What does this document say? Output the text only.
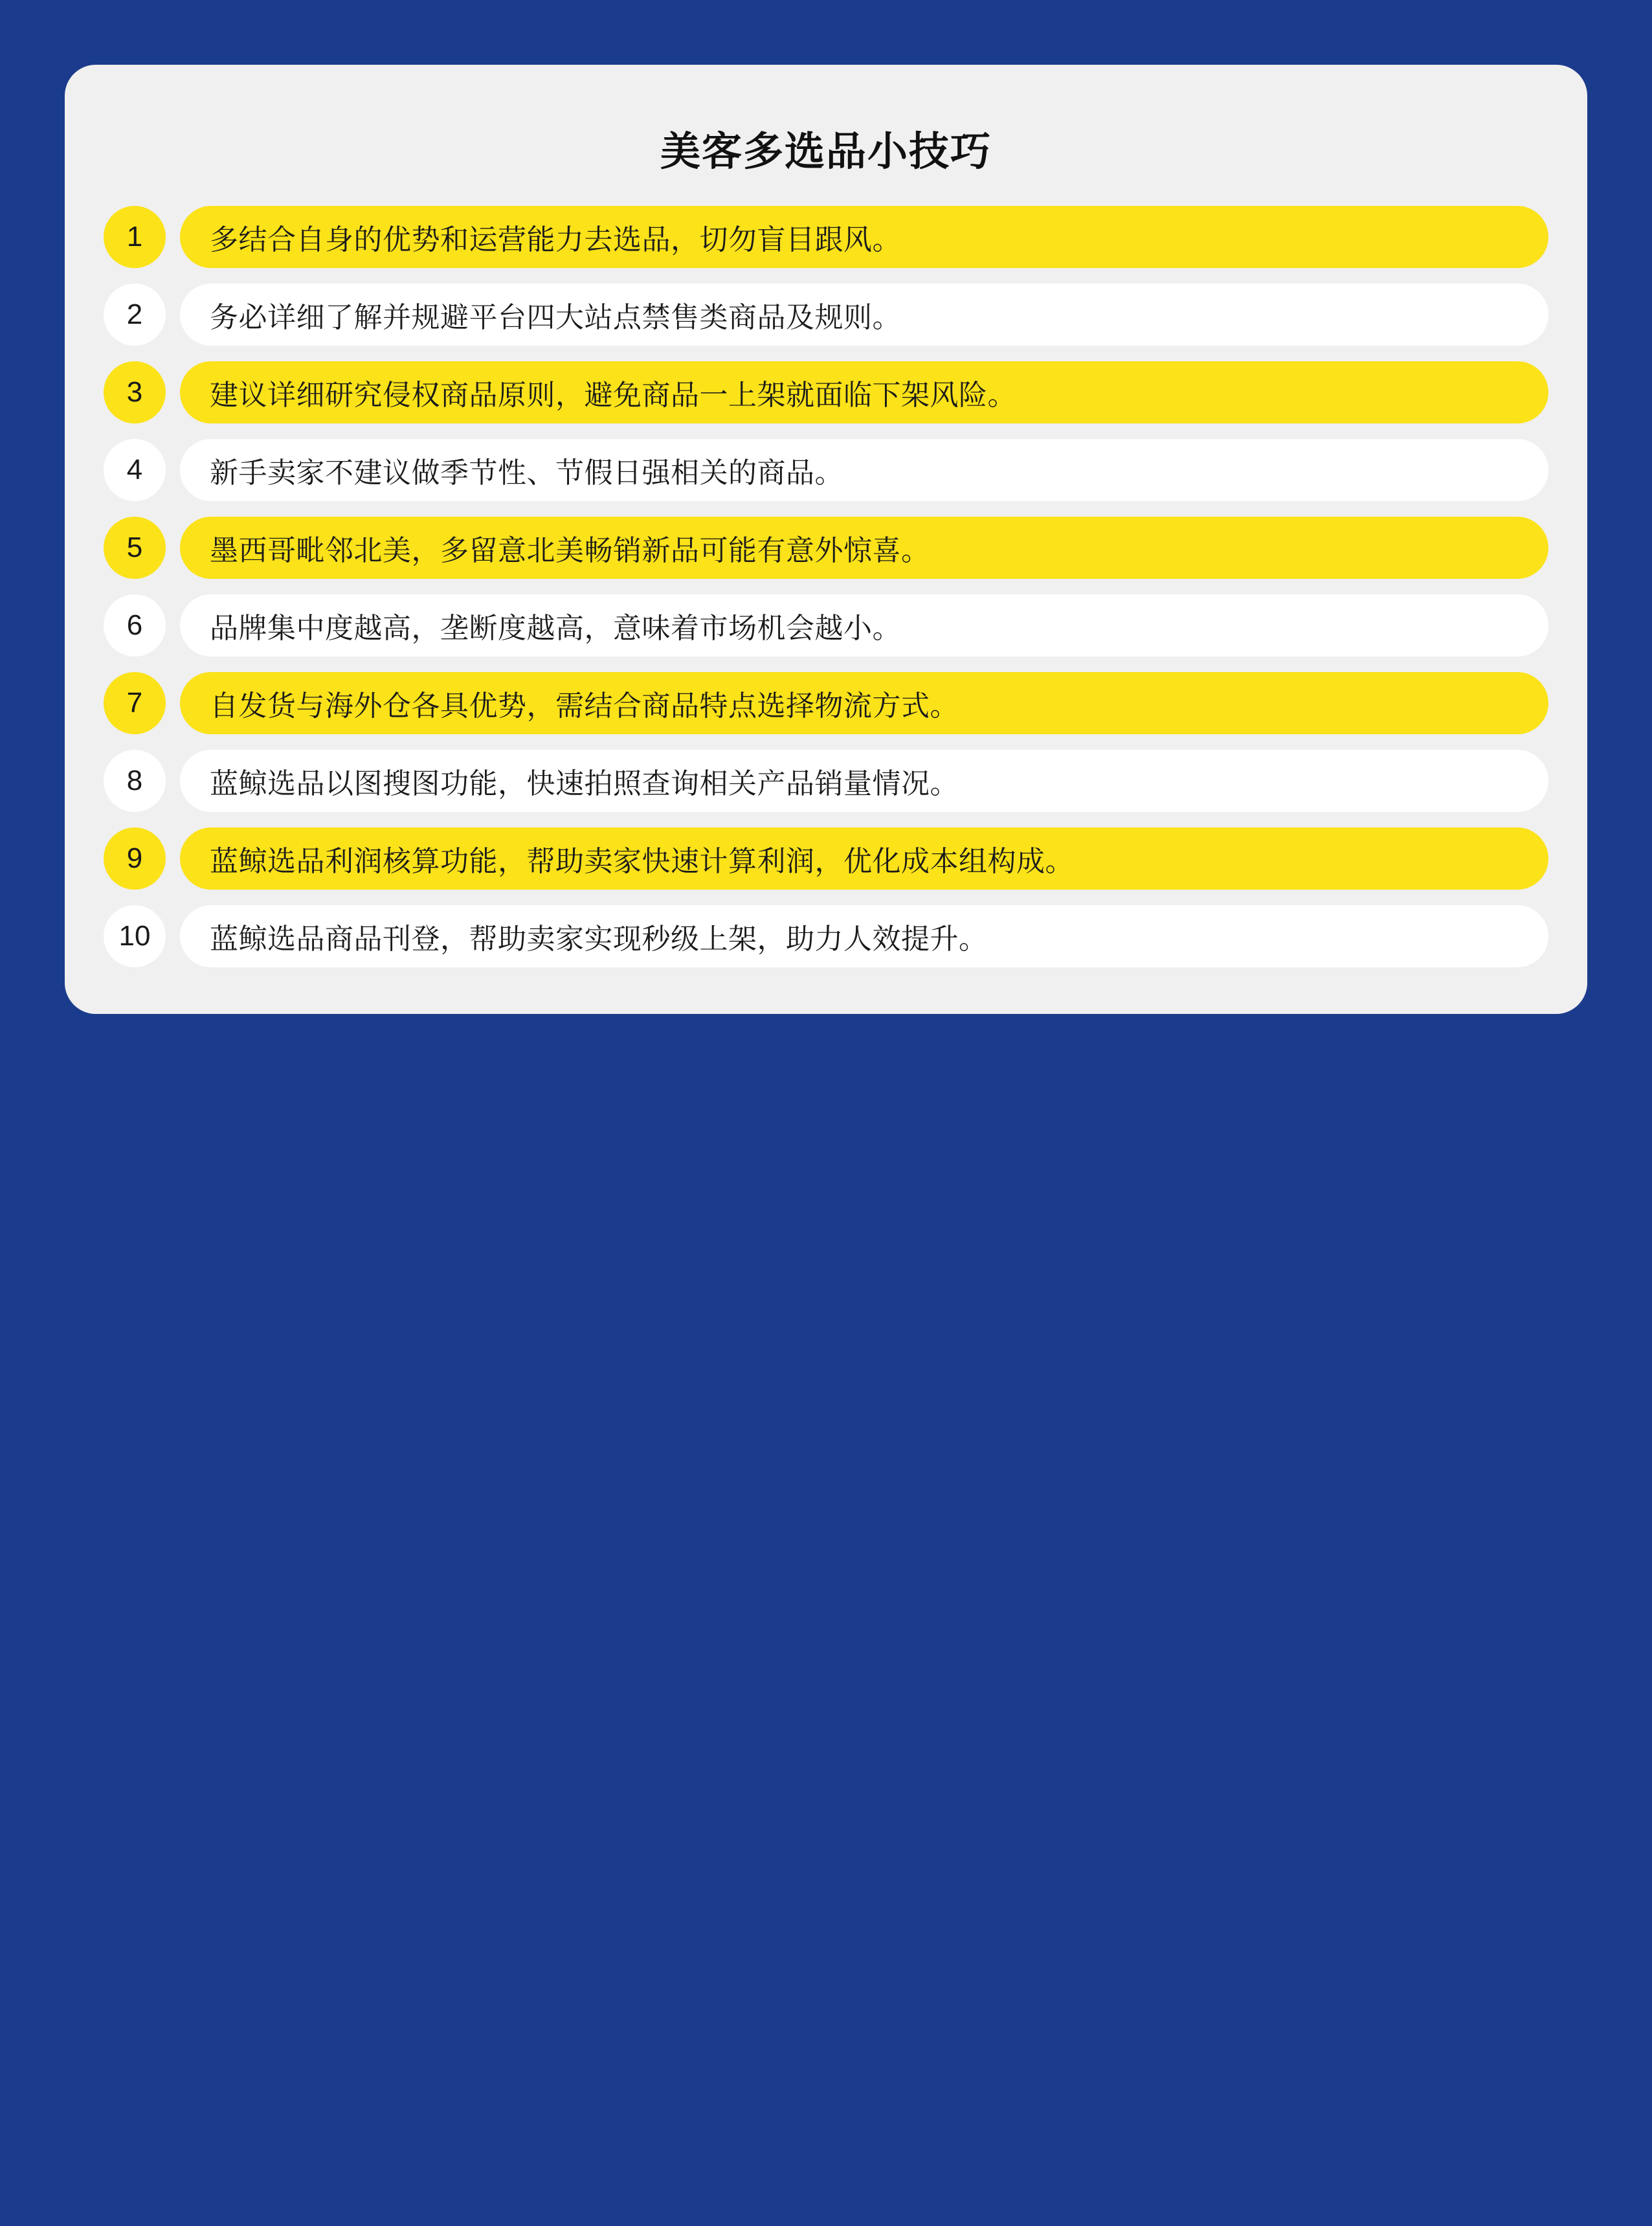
美客多选品小技巧
1	多结合自身的优势和运营能力去选品，切勿盲目跟风。
2	务必详细了解并规避平台四大站点禁售类商品及规则。
3	建议详细研究侵权商品原则，避免商品一上架就面临下架风险。
4	新手卖家不建议做季节性、节假日强相关的商品。
5	墨西哥毗邻北美，多留意北美畅销新品可能有意外惊喜。
6	品牌集中度越高，垄断度越高，意味着市场机会越小。
7	自发货与海外仓各具优势，需结合商品特点选择物流方式。
8	蓝鲸选品以图搜图功能，快速拍照查询相关产品销量情况。
9	蓝鲸选品利润核算功能，帮助卖家快速计算利润，优化成本组构成。
10	蓝鲸选品商品刊登，帮助卖家实现秒级上架，助力人效提升。
